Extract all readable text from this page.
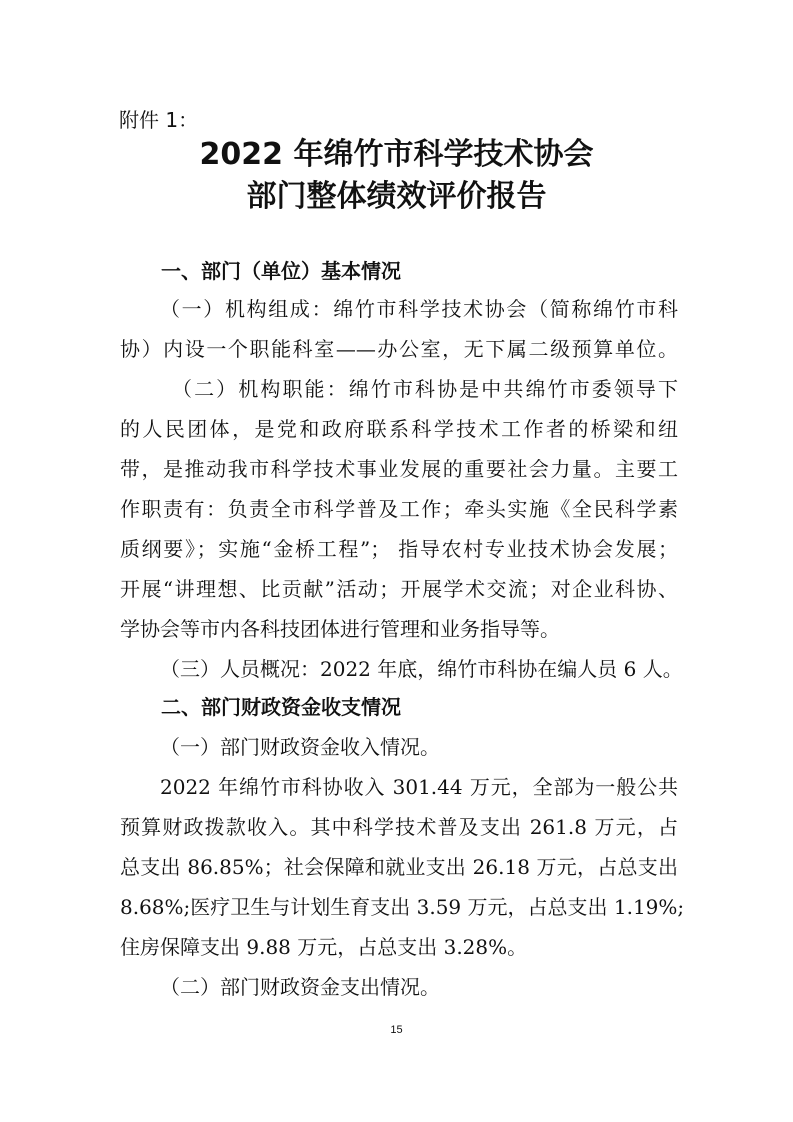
附件 1：
2022 年绵竹市科学技术协会
部门整体绩效评价报告
一、部门（单位）基本情况
（一）机构组成：绵竹市科学技术协会（简称绵竹市科
协）内设一个职能科室——办公室，无下属二级预算单位。
（二）机构职能：绵竹市科协是中共绵竹市委领导下
的人民团体，是党和政府联系科学技术工作者的桥梁和纽
带，是推动我市科学技术事业发展的重要社会力量。主要工
作职责有：负责全市科学普及工作；牵头实施《全民科学素
质纲要》；实施“金桥工程”； 指导农村专业技术协会发展；
开展“讲理想、比贡献”活动；开展学术交流；对企业科协、
学协会等市内各科技团体进行管理和业务指导等。
（三）人员概况：2022 年底，绵竹市科协在编人员 6 人。
二、部门财政资金收支情况
（一）部门财政资金收入情况。
2022 年绵竹市科协收入 301.44 万元，全部为一般公共
预算财政拨款收入。其中科学技术普及支出 261.8 万元，占
总支出 86.85%；社会保障和就业支出 26.18 万元，占总支出
8.68%;医疗卫生与计划生育支出 3.59 万元，占总支出 1.19%;
住房保障支出 9.88 万元，占总支出 3.28%。
（二）部门财政资金支出情况。
15
